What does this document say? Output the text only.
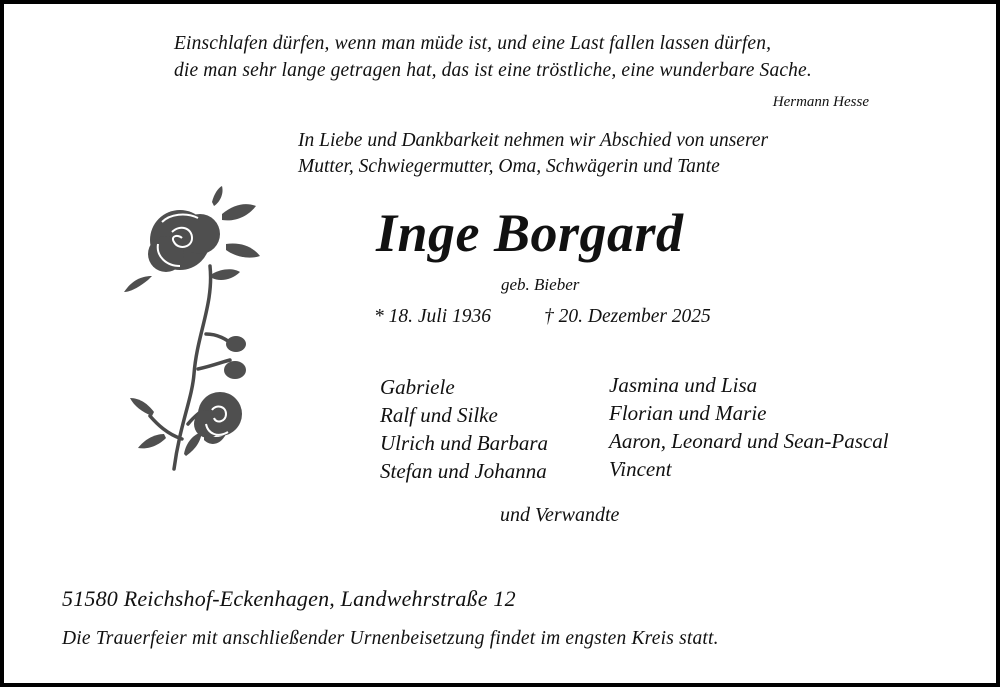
Einschlafen dürfen, wenn man müde ist, und eine Last fallen lassen dürfen,
die man sehr lange getragen hat, das ist eine tröstliche, eine wunderbare Sache.
Hermann Hesse
In Liebe und Dankbarkeit nehmen wir Abschied von unserer
Mutter, Schwiegermutter, Oma, Schwägerin und Tante
Inge Borgard
geb. Bieber
* 18. Juli 1936	† 20. Dezember 2025
Gabriele
Ralf und Silke
Ulrich und Barbara
Stefan und Johanna
Jasmina und Lisa
Florian und Marie
Aaron, Leonard und Sean-Pascal
Vincent
und Verwandte
51580 Reichshof-Eckenhagen, Landwehrstraße 12
Die Trauerfeier mit anschließender Urnenbeisetzung findet im engsten Kreis statt.
